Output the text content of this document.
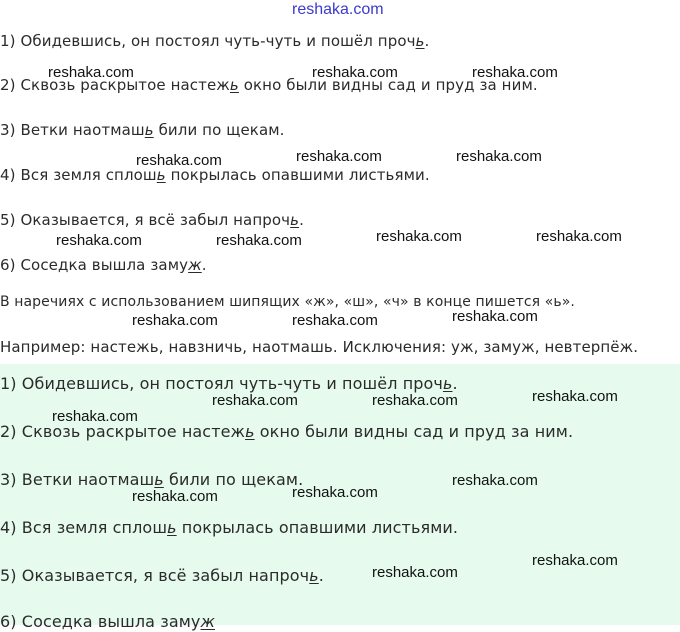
reshaka.com
1) Обидевшись, он постоял чуть-чуть и пошёл прочь.
2) Сквозь раскрытое настежь окно были видны сад и пруд за ним.
3) Ветки наотмашь били по щекам.
4) Вся земля сплошь покрылась опавшими листьями.
5) Оказывается, я всё забыл напрочь.
6) Соседка вышла замуж.
В наречиях с использованием шипящих «ж», «ш», «ч» в конце пишется «ь».
Например: настежь, навзничь, наотмашь. Исключения: уж, замуж, невтерпёж.
1) Обидевшись, он постоял чуть-чуть и пошёл прочь.
2) Сквозь раскрытое настежь окно были видны сад и пруд за ним.
3) Ветки наотмашь били по щекам.
4) Вся земля сплошь покрылась опавшими листьями.
5) Оказывается, я всё забыл напрочь.
6) Соседка вышла замуж
reshaka.com	reshaka.com	reshaka.com
reshaka.com	reshaka.com	reshaka.com
reshaka.com	reshaka.com	reshaka.com	reshaka.com
reshaka.com	reshaka.com	reshaka.com
reshaka.com
reshaka.com	reshaka.com	reshaka.com
reshaka.com	reshaka.com
reshaka.com
reshaka.com
reshaka.com
